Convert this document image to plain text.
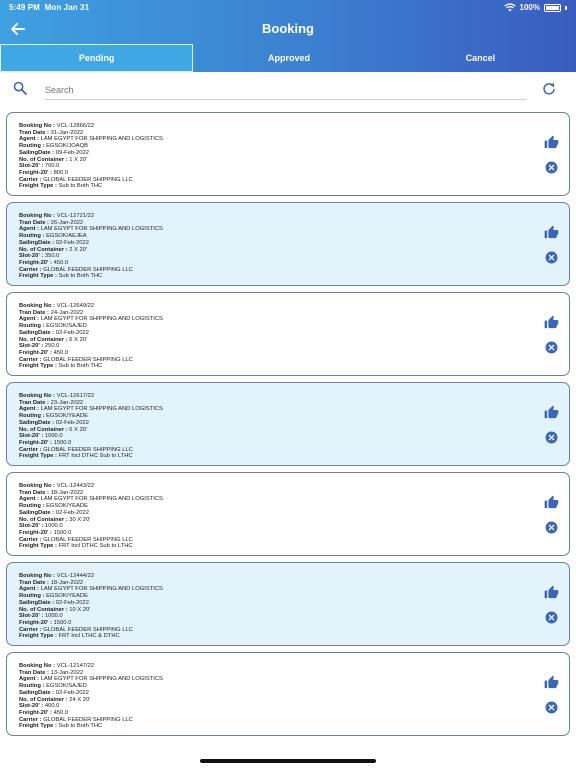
5:49 PM Mon Jan 31	100%
Booking
Pending	Approved	Cancel
Search
Booking No : VCL-12866/22
Tran Date : 31-Jan-2022
Agent : LAM EGYPT FOR SHIPPING AND LOGISTICS
Routing : EGSOK/JOAQB
SailingDate : 09-Feb-2022
No. of Container : 1 X 20'
Slot-20' : 700.0
Freight-20' : 800.0
Carrier : GLOBAL FEEDER SHIPPING LLC
Freight Type : Sub to Both THC
Booking No : VCL-12721/22
Tran Date : 26-Jan-2022
Agent : LAM EGYPT FOR SHIPPING AND LOGISTICS
Routing : EGSOK/AEJEA
SailingDate : 02-Feb-2022
No. of Container : 2 X 20'
Slot-20' : 350.0
Freight-20' : 450.0
Carrier : GLOBAL FEEDER SHIPPING LLC
Freight Type : Sub to Both THC
Booking No : VCL-12649/22
Tran Date : 24-Jan-2022
Agent : LAM EGYPT FOR SHIPPING AND LOGISTICS
Routing : EGSOK/SAJED
SailingDate : 02-Feb-2022
No. of Container : 6 X 20'
Slot-20' : 250.0
Freight-20' : 450.0
Carrier : GLOBAL FEEDER SHIPPING LLC
Freight Type : Sub to Both THC
Booking No : VCL-12617/22
Tran Date : 23-Jan-2022
Agent : LAM EGYPT FOR SHIPPING AND LOGISTICS
Routing : EGSOK/YEADE
SailingDate : 02-Feb-2022
No. of Container : 6 X 20'
Slot-20' : 1000.0
Freight-20' : 1500.0
Carrier : GLOBAL FEEDER SHIPPING LLC
Freight Type : FRT Incl DTHC Sub to LTHC
Booking No : VCL-12443/22
Tran Date : 18-Jan-2022
Agent : LAM EGYPT FOR SHIPPING AND LOGISTICS
Routing : EGSOK/YEADE
SailingDate : 02-Feb-2022
No. of Container : 30 X 20'
Slot-20' : 1000.0
Freight-20' : 1500.0
Carrier : GLOBAL FEEDER SHIPPING LLC
Freight Type : FRT Incl DTHC Sub to LTHC
Booking No : VCL-12444/22
Tran Date : 18-Jan-2022
Agent : LAM EGYPT FOR SHIPPING AND LOGISTICS
Routing : EGSOK/YEADE
SailingDate : 02-Feb-2022
No. of Container : 10 X 20'
Slot-20' : 1000.0
Freight-20' : 1500.0
Carrier : GLOBAL FEEDER SHIPPING LLC
Freight Type : FRT Incl LTHC & DTHC
Booking No : VCL-12147/22
Tran Date : 13-Jan-2022
Agent : LAM EGYPT FOR SHIPPING AND LOGISTICS
Routing : EGSOK/SAJED
SailingDate : 02-Feb-2022
No. of Container : 24 X 20'
Slot-20' : 400.0
Freight-20' : 450.0
Carrier : GLOBAL FEEDER SHIPPING LLC
Freight Type : Sub to Both THC
